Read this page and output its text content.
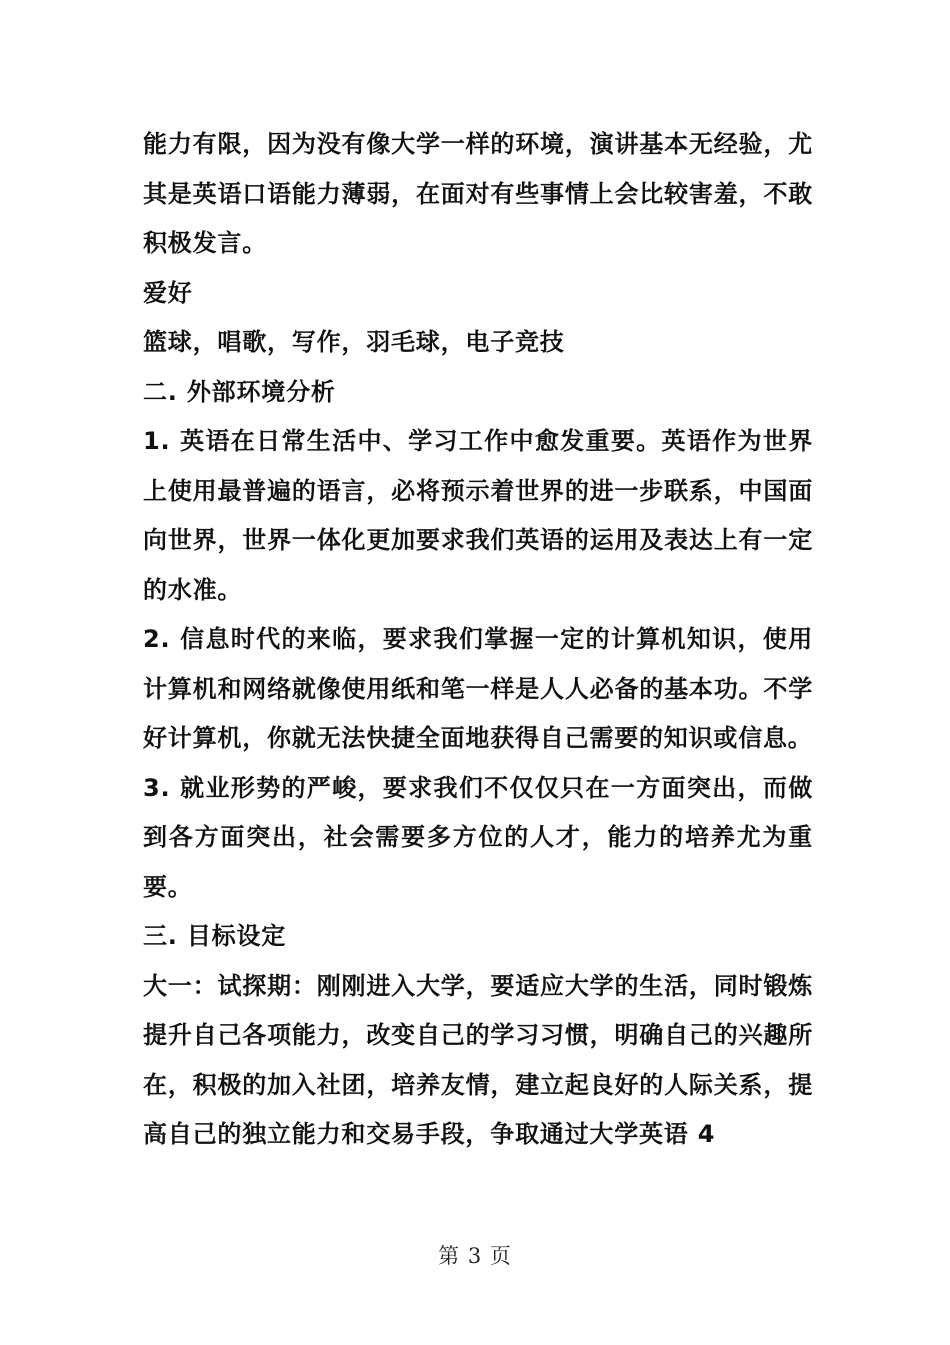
能力有限，因为没有像大学一样的环境，演讲基本无经验，尤其是英语口语能力薄弱，在面对有些事情上会比较害羞，不敢积极发言。

爱好

篮球，唱歌，写作，羽毛球，电子竞技

二. 外部环境分析

1. 英语在日常生活中、学习工作中愈发重要。英语作为世界上使用最普遍的语言，必将预示着世界的进一步联系，中国面向世界，世界一体化更加要求我们英语的运用及表达上有一定的水准。

2. 信息时代的来临，要求我们掌握一定的计算机知识，使用计算机和网络就像使用纸和笔一样是人人必备的基本功。不学好计算机，你就无法快捷全面地获得自己需要的知识或信息。

3. 就业形势的严峻，要求我们不仅仅只在一方面突出，而做到各方面突出，社会需要多方位的人才，能力的培养尤为重要。

三. 目标设定

大一：试探期：刚刚进入大学，要适应大学的生活，同时锻炼提升自己各项能力，改变自己的学习习惯，明确自己的兴趣所在，积极的加入社团，培养友情，建立起良好的人际关系，提高自己的独立能力和交易手段，争取通过大学英语 4

第 3 页
